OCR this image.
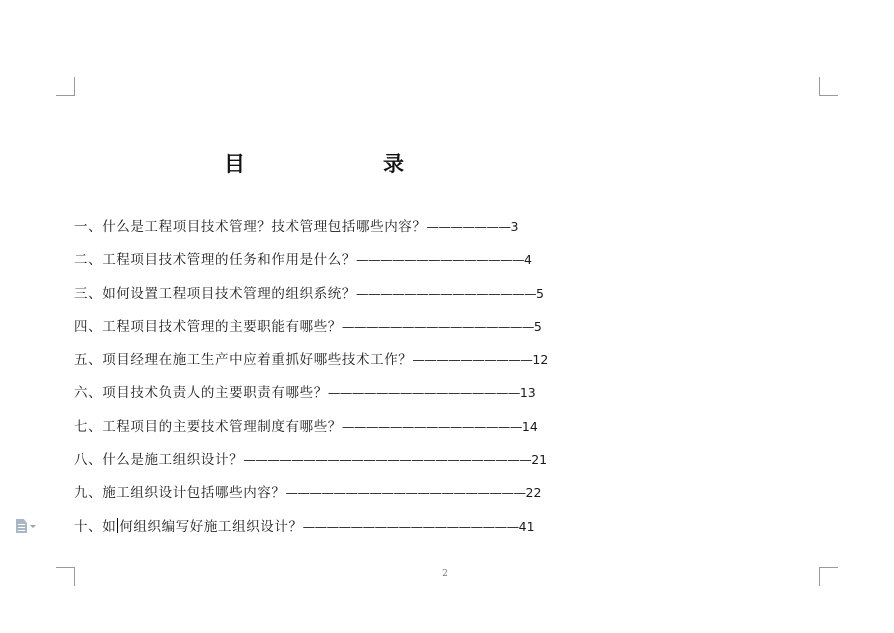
目	录
一、什么是工程项目技术管理？技术管理包括哪些内容？———————3
二、工程项目技术管理的任务和作用是什么？——————————————4
三、如何设置工程项目技术管理的组织系统？———————————————5
四、工程项目技术管理的主要职能有哪些？————————————————5
五、项目经理在施工生产中应着重抓好哪些技术工作？——————————12
六、项目技术负责人的主要职责有哪些？————————————————13
七、工程项目的主要技术管理制度有哪些？———————————————14
八、什么是施工组织设计？————————————————————————21
九、施工组织设计包括哪些内容？————————————————————22
十、如 何组织编写好施工组织设计？——————————————————41
2
